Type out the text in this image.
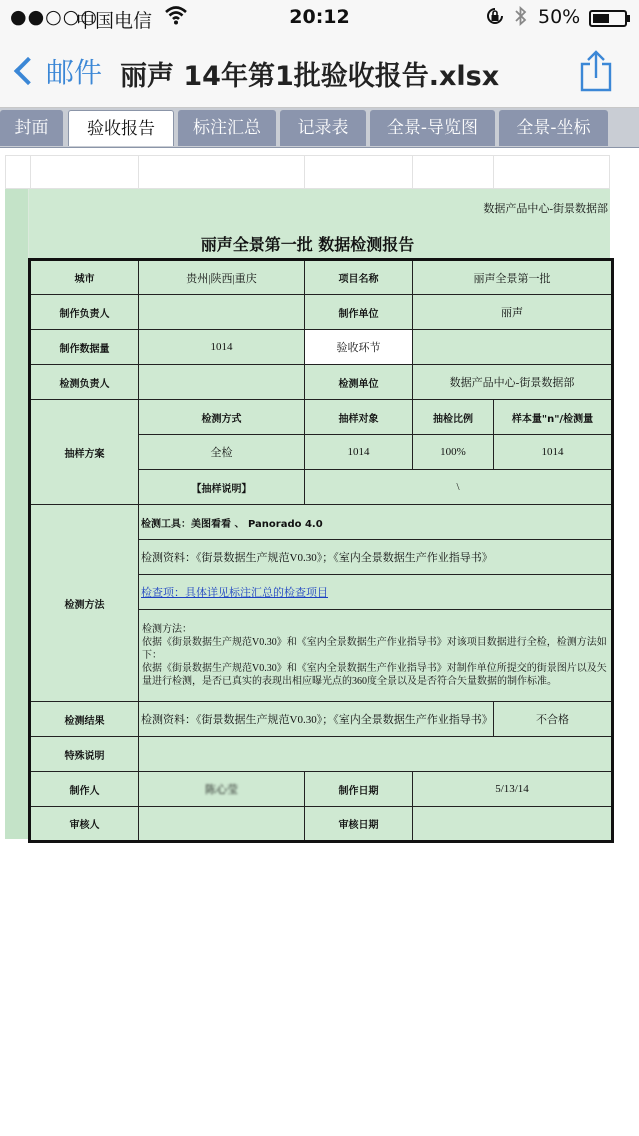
●●○○○
中国电信	20:12	50%
邮件 丽声 14年第1批验收报告.xlsx
封面	验收报告	标注汇总	记录表	全景-导览图	全景-坐标
数据产品中心-街景数据部
丽声全景第一批 数据检测报告
城市	贵州|陕西|重庆	项目名称	丽声全景第一批	
制作负责人		制作单位	丽声	
制作数据量	1014	验收环节		
检测负责人		检测单位	数据产品中心-街景数据部	
抽样方案	检测方式	抽样对象	抽检比例	样本量"n"/检测量
	全检	1014	100%	1014
	【抽样说明】	\		
检测方法	检测工具：美图看看 、 Panorado 4.0			
	检测资料：《街景数据生产规范V0.30》；《室内全景数据生产作业指导书》			
	检查项：具体详见标注汇总的检查项目			

	检测方法：
依据《街景数据生产规范V0.30》和《室内全景数据生产作业指导书》对该项目数据进行全检，检测方法如下：
依据《街景数据生产规范V0.30》和《室内全景数据生产作业指导书》对制作单位所提交的街景图片以及矢量进行检测，是否已真实的表现出相应曝光点的360度全景以及是否符合矢量数据的制作标准。			

检测结果	检测资料：《街景数据生产规范V0.30》；《室内全景数据生产作业指导书》			不合格
特殊说明				
制作人	陈心莹	制作日期	5/13/14	
审核人		审核日期		
